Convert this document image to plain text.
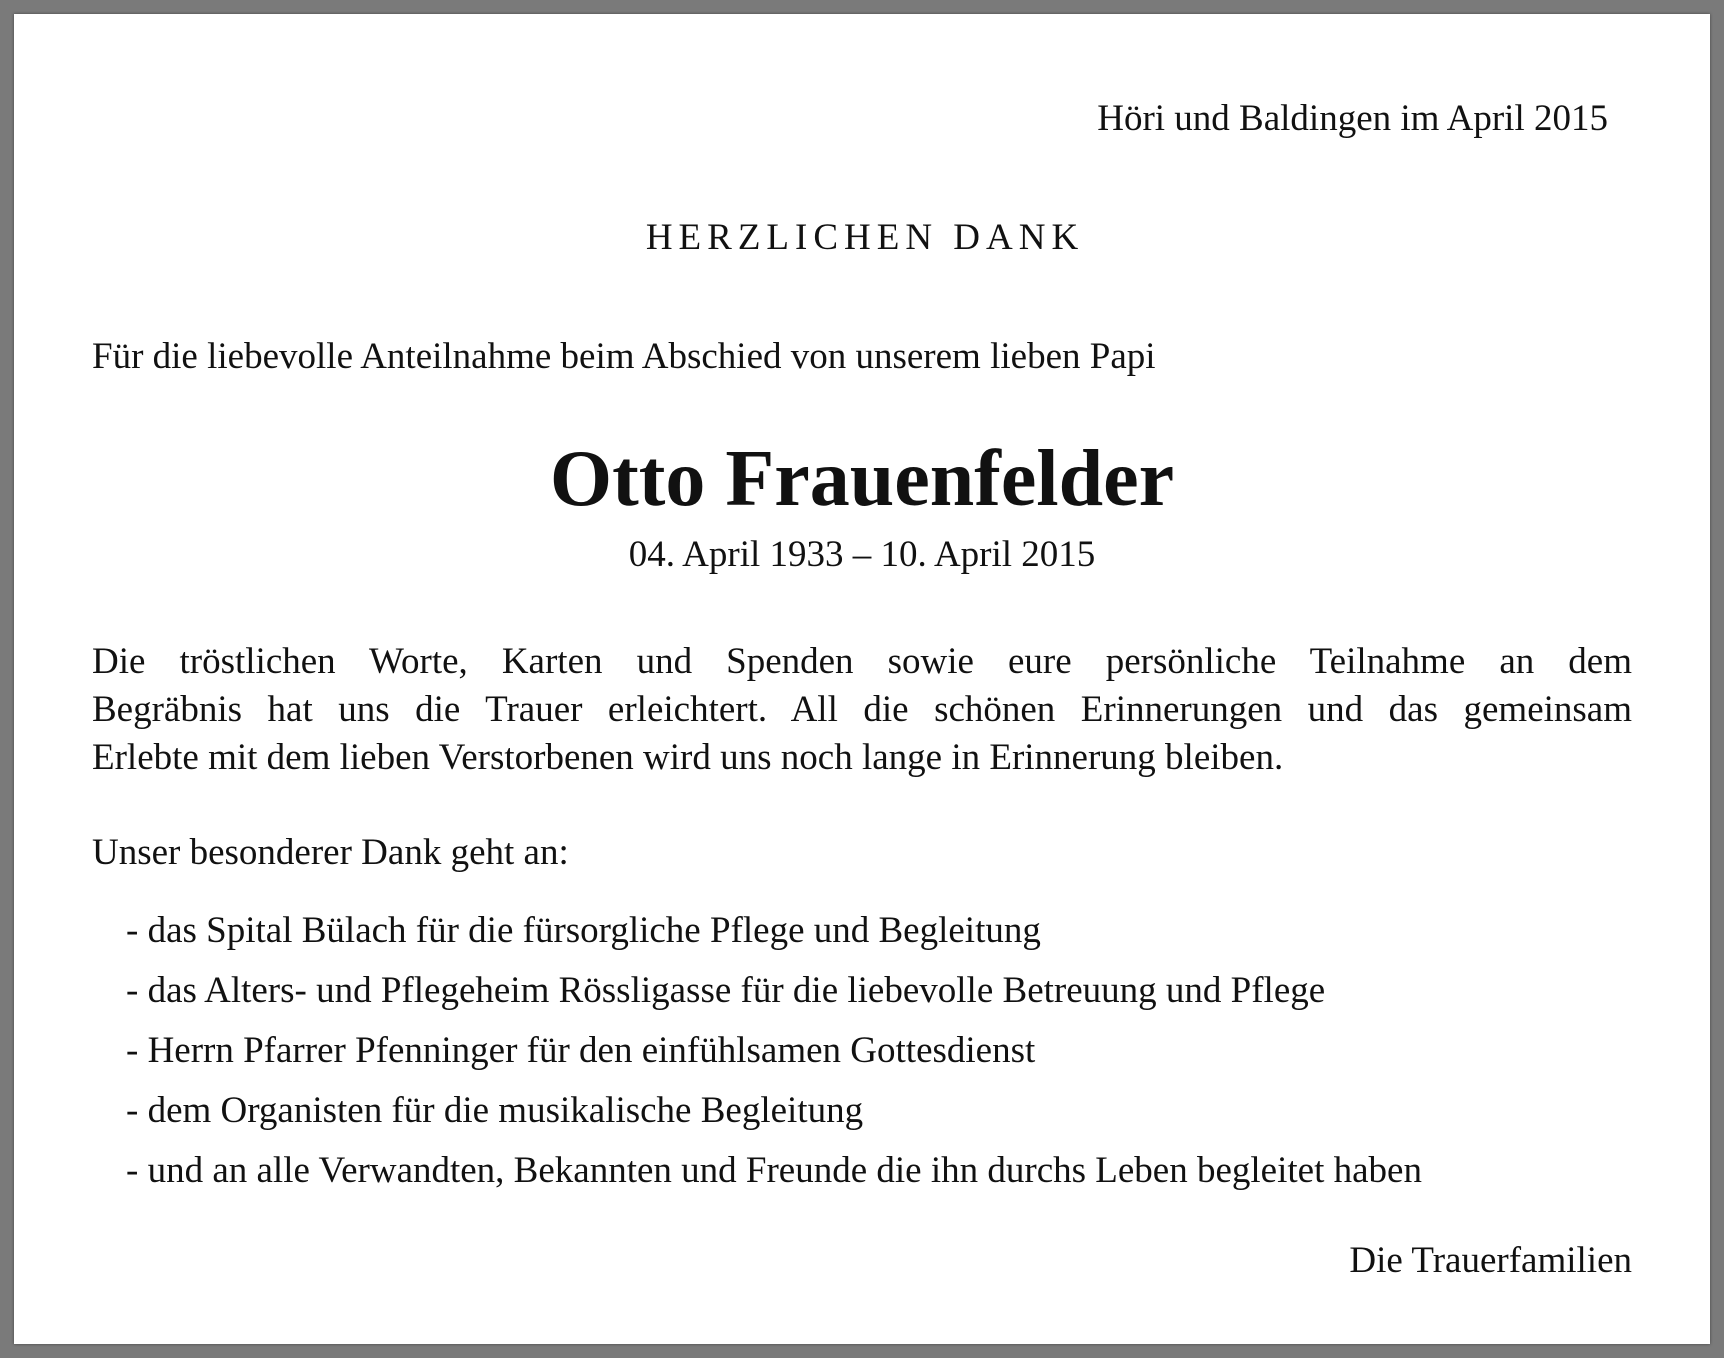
Höri und Baldingen im April 2015
HERZLICHEN DANK
Für die liebevolle Anteilnahme beim Abschied von unserem lieben Papi
Otto Frauenfelder
04. April 1933 – 10. April 2015
Die tröstlichen Worte, Karten und Spenden sowie eure persönliche Teilnahme an dem
Begräbnis hat uns die Trauer erleichtert. All die schönen Erinnerungen und das gemeinsam
Erlebte mit dem lieben Verstorbenen wird uns noch lange in Erinnerung bleiben.
Unser besonderer Dank geht an:
- das Spital Bülach für die fürsorgliche Pflege und Begleitung
- das Alters- und Pflegeheim Rössligasse für die liebevolle Betreuung und Pflege
- Herrn Pfarrer Pfenninger für den einfühlsamen Gottesdienst
- dem Organisten für die musikalische Begleitung
- und an alle Verwandten, Bekannten und Freunde die ihn durchs Leben begleitet haben
Die Trauerfamilien
